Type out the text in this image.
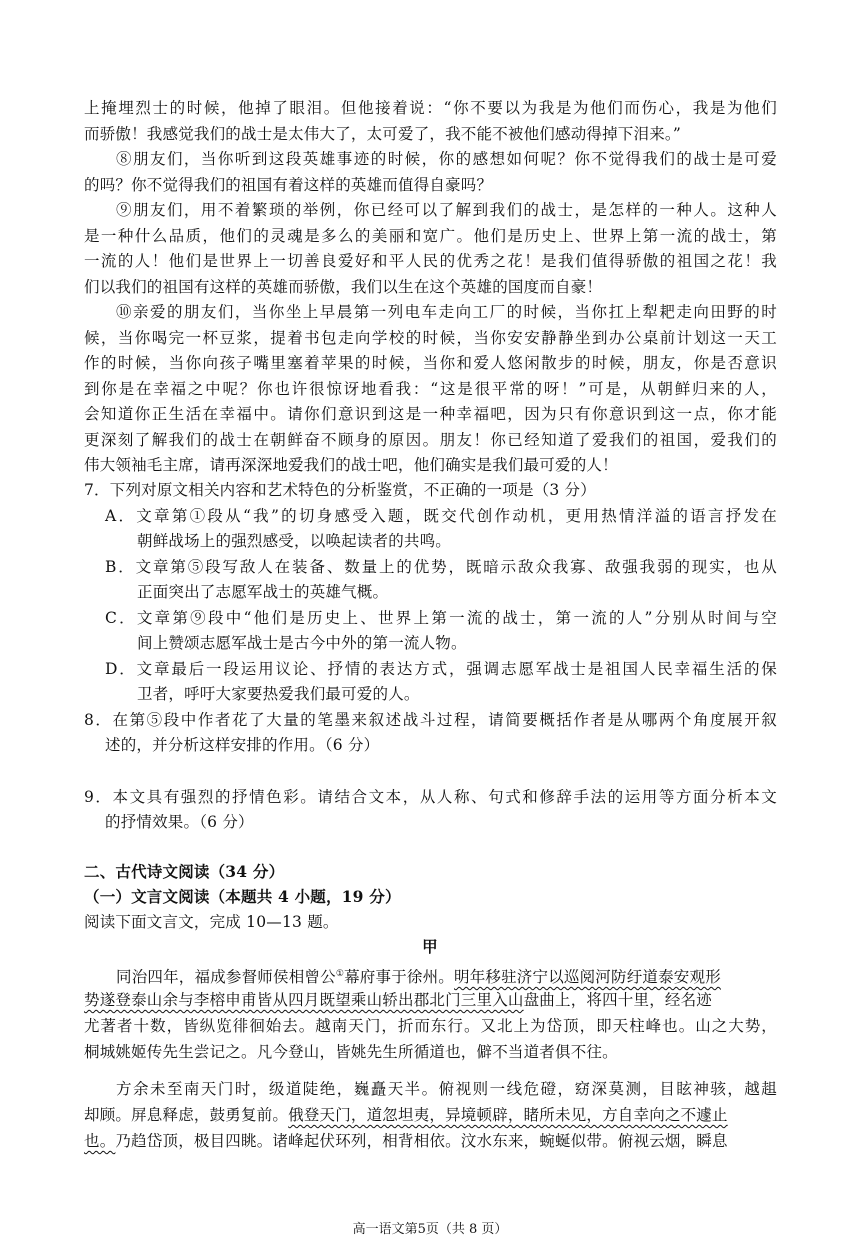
上掩埋烈士的时候，他掉了眼泪。但他接着说：“你不要以为我是为他们而伤心，我是为他们
而骄傲！我感觉我们的战士是太伟大了，太可爱了，我不能不被他们感动得掉下泪来。”
⑧朋友们，当你听到这段英雄事迹的时候，你的感想如何呢？你不觉得我们的战士是可爱
的吗？你不觉得我们的祖国有着这样的英雄而值得自豪吗？
⑨朋友们，用不着繁琐的举例，你已经可以了解到我们的战士，是怎样的一种人。这种人
是一种什么品质，他们的灵魂是多么的美丽和宽广。他们是历史上、世界上第一流的战士，第
一流的人！他们是世界上一切善良爱好和平人民的优秀之花！是我们值得骄傲的祖国之花！我
们以我们的祖国有这样的英雄而骄傲，我们以生在这个英雄的国度而自豪！
⑩亲爱的朋友们，当你坐上早晨第一列电车走向工厂的时候，当你扛上犁耙走向田野的时
候，当你喝完一杯豆浆，提着书包走向学校的时候，当你安安静静坐到办公桌前计划这一天工
作的时候，当你向孩子嘴里塞着苹果的时候，当你和爱人悠闲散步的时候，朋友，你是否意识
到你是在幸福之中呢？你也许很惊讶地看我：“这是很平常的呀！”可是，从朝鲜归来的人，
会知道你正生活在幸福中。请你们意识到这是一种幸福吧，因为只有你意识到这一点，你才能
更深刻了解我们的战士在朝鲜奋不顾身的原因。朋友！你已经知道了爱我们的祖国，爱我们的
伟大领袖毛主席，请再深深地爱我们的战士吧，他们确实是我们最可爱的人！
7．下列对原文相关内容和艺术特色的分析鉴赏，不正确的一项是（3 分）
A．文章第①段从“我”的切身感受入题，既交代创作动机，更用热情洋溢的语言抒发在
朝鲜战场上的强烈感受，以唤起读者的共鸣。
B．文章第⑤段写敌人在装备、数量上的优势，既暗示敌众我寡、敌强我弱的现实，也从
正面突出了志愿军战士的英雄气概。
C．文章第⑨段中“他们是历史上、世界上第一流的战士，第一流的人”分别从时间与空
间上赞颂志愿军战士是古今中外的第一流人物。
D．文章最后一段运用议论、抒情的表达方式，强调志愿军战士是祖国人民幸福生活的保
卫者，呼吁大家要热爱我们最可爱的人。
8．在第⑤段中作者花了大量的笔墨来叙述战斗过程，请简要概括作者是从哪两个角度展开叙
述的，并分析这样安排的作用。（6 分）
9．本文具有强烈的抒情色彩。请结合文本，从人称、句式和修辞手法的运用等方面分析本文
的抒情效果。（6 分）
二、古代诗文阅读（34 分）
（一）文言文阅读（本题共 4 小题，19 分）
阅读下面文言文，完成 10—13 题。
甲
同治四年，福成参督师侯相曾公①幕府事于徐州。明年移驻济宁以巡阅河防纡道泰安观形
势遂登泰山余与李榕申甫皆从四月既望乘山轿出郡北门三里入山盘曲上，将四十里，经名迹
尤著者十数，皆纵览徘徊始去。越南天门，折而东行。又北上为岱顶，即天柱峰也。山之大势，
桐城姚姬传先生尝记之。凡今登山，皆姚先生所循道也，僻不当道者俱不往。
方余未至南天门时，级道陡绝，巍矗天半。俯视则一线危磴，窈深莫测，目眩神骇，越趄
却顾。屏息释虑，鼓勇复前。俄登天门，道忽坦夷，异境顿辟，睹所未见，方自幸向之不遽止
也。乃趋岱顶，极目四眺。诸峰起伏环列，相背相依。汶水东来，蜿蜒似带。俯视云烟，瞬息
高一语文第5页（共 8 页）
